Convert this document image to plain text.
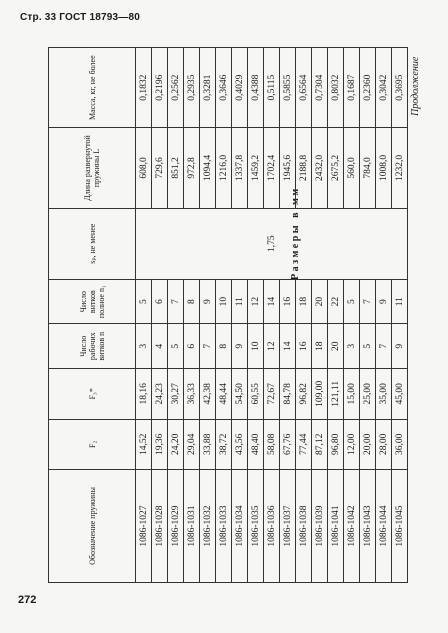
Стр. 33 ГОСТ 18793—80
Продолжение
Размеры в мм
Обозначение пружины	F₂	F₃*	Число рабочих витков n	Число витков полное n₁	sₚ, не менее	Длина развернутой пружины L	Масса, кг, не более
1086-1027	14,52	18,16	3	5	1,75	608,0	0,1832
1086-1028	19,36	24,23	4	6		729,6	0,2196
1086-1029	24,20	30,27	5	7		851,2	0,2562
1086-1031	29,04	36,33	6	8		972,8	0,2935
1086-1032	33,88	42,38	7	9		1094,4	0,3281
1086-1033	38,72	48,44	8	10		1216,0	0,3646
1086-1034	43,56	54,50	9	11		1337,8	0,4029
1086-1035	48,40	60,55	10	12		1459,2	0,4388
1086-1036	58,08	72,67	12	14		1702,4	0,5115
1086-1037	67,76	84,78	14	16		1945,6	0,5855
1086-1038	77,44	96,82	16	18		2188,8	0,6564
1086-1039	87,12	109,00	18	20		2432,0	0,7304
1086-1041	96,80	121,11	20	22		2675,2	0,8032
1086-1042	12,00	15,00	3	5		560,0	0,1687
1086-1043	20,00	25,00	5	7		784,0	0,2360
1086-1044	28,00	35,00	7	9		1008,0	0,3042
1086-1045	36,00	45,00	9	11		1232,0	0,3695
272
